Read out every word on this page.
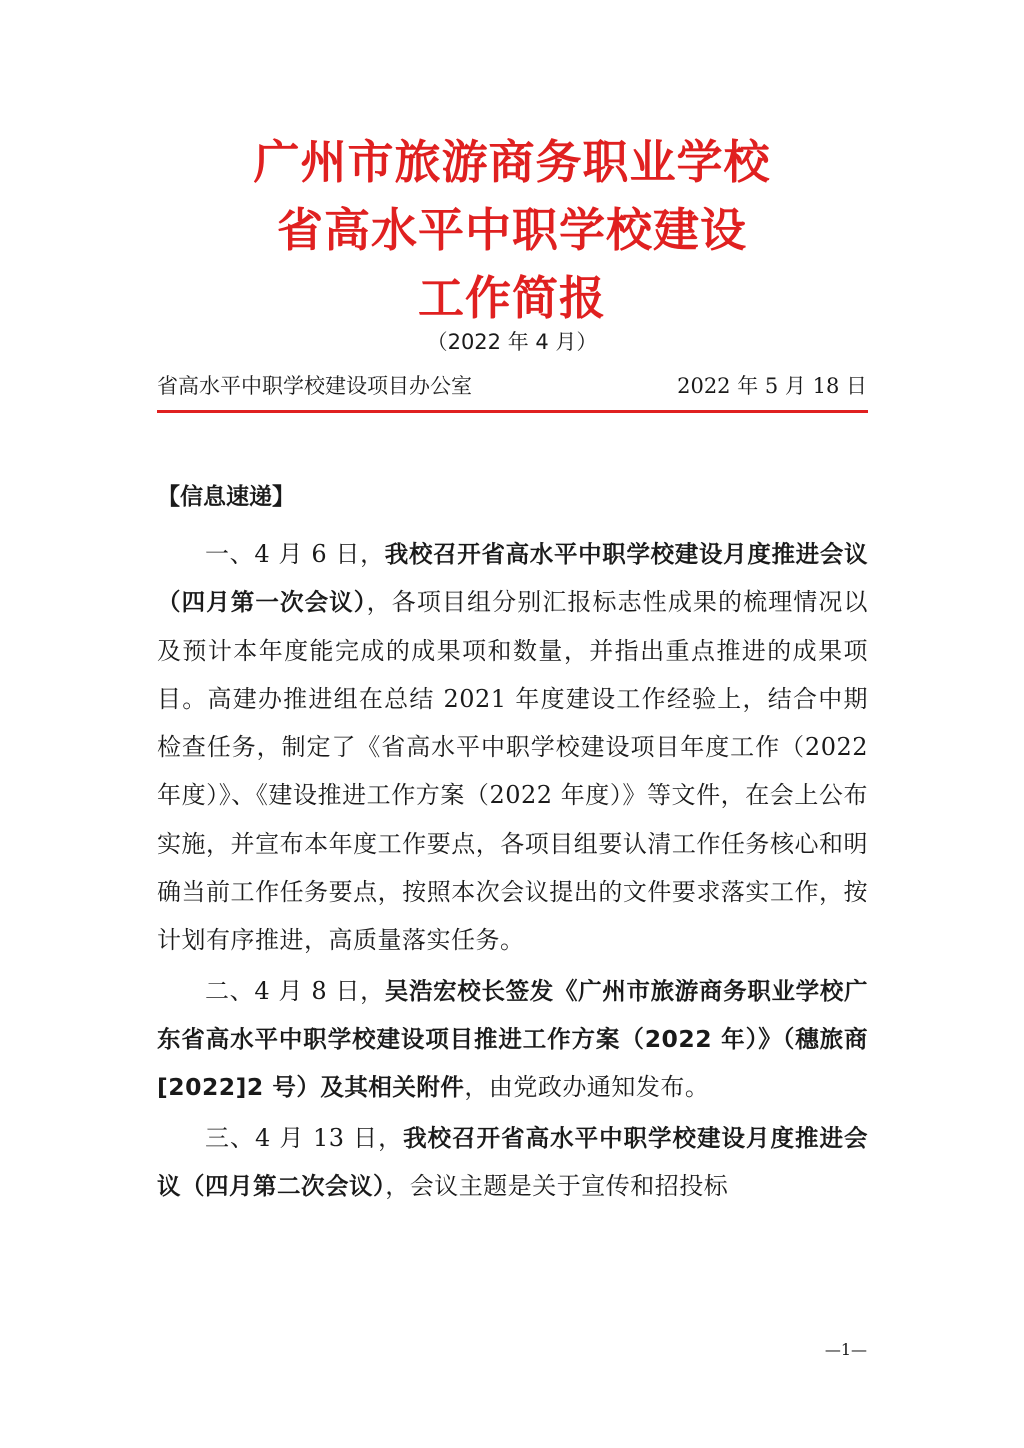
广州市旅游商务职业学校
省高水平中职学校建设
工作简报
（2022 年 4 月）
省高水平中职学校建设项目办公室	2022 年 5 月 18 日
【信息速递】

一、4 月 6 日，我校召开省高水平中职学校建设月度推进会议（四月第一次会议），各项目组分别汇报标志性成果的梳理情况以及预计本年度能完成的成果项和数量，并指出重点推进的成果项目。高建办推进组在总结 2021 年度建设工作经验上，结合中期检查任务，制定了《省高水平中职学校建设项目年度工作（2022 年度）》、《建设推进工作方案（2022 年度）》等文件，在会上公布实施，并宣布本年度工作要点，各项目组要认清工作任务核心和明确当前工作任务要点，按照本次会议提出的文件要求落实工作，按计划有序推进，高质量落实任务。

二、4 月 8 日，吴浩宏校长签发《广州市旅游商务职业学校广东省高水平中职学校建设项目推进工作方案（2022 年）》（穗旅商[2022]2 号）及其相关附件，由党政办通知发布。

三、4 月 13 日，我校召开省高水平中职学校建设月度推进会议（四月第二次会议），会议主题是关于宣传和招投标

—1—
